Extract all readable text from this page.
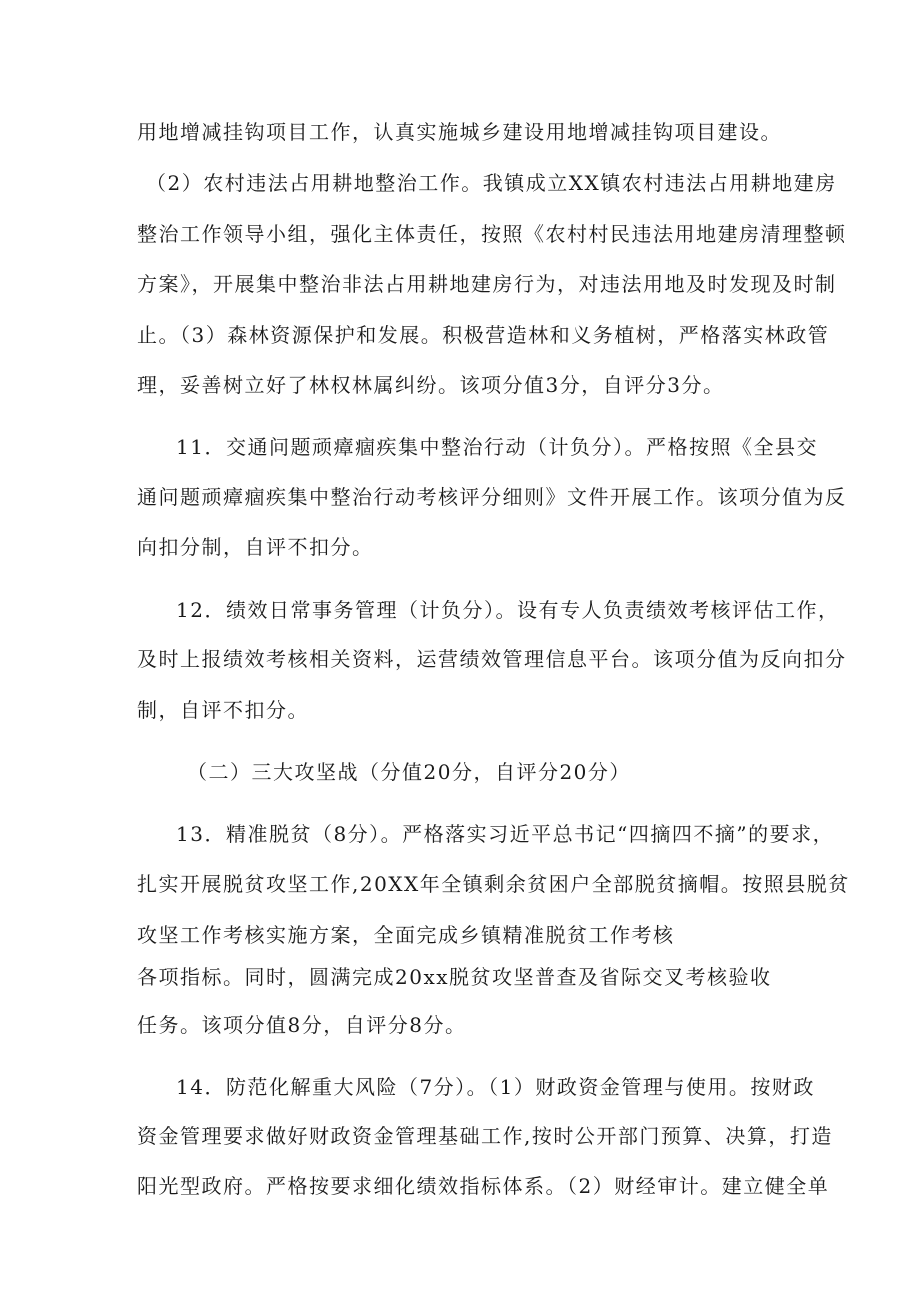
用地增减挂钩项目工作，认真实施城乡建设用地增减挂钩项目建设。
（2）农村违法占用耕地整治工作。我镇成立XX镇农村违法占用耕地建房
整治工作领导小组，强化主体责任，按照《农村村民违法用地建房清理整顿
方案》，开展集中整治非法占用耕地建房行为，对违法用地及时发现及时制
止。（3）森林资源保护和发展。积极营造林和义务植树，严格落实林政管
理，妥善树立好了林权林属纠纷。该项分值3分，自评分3分。
11．交通问题顽瘴痼疾集中整治行动（计负分）。严格按照《全县交
通问题顽瘴痼疾集中整治行动考核评分细则》文件开展工作。该项分值为反
向扣分制，自评不扣分。
12．绩效日常事务管理（计负分）。设有专人负责绩效考核评估工作，
及时上报绩效考核相关资料，运营绩效管理信息平台。该项分值为反向扣分
制，自评不扣分。
（二）三大攻坚战（分值20分，自评分20分）
13．精准脱贫（8分）。严格落实习近平总书记“四摘四不摘”的要求，
扎实开展脱贫攻坚工作,20XX年全镇剩余贫困户全部脱贫摘帽。按照县脱贫
攻坚工作考核实施方案，全面完成乡镇精准脱贫工作考核
各项指标。同时，圆满完成20xx脱贫攻坚普查及省际交叉考核验收
任务。该项分值8分，自评分8分。
14．防范化解重大风险（7分）。（1）财政资金管理与使用。按财政
资金管理要求做好财政资金管理基础工作,按时公开部门预算、决算，打造
阳光型政府。严格按要求细化绩效指标体系。（2）财经审计。建立健全单
